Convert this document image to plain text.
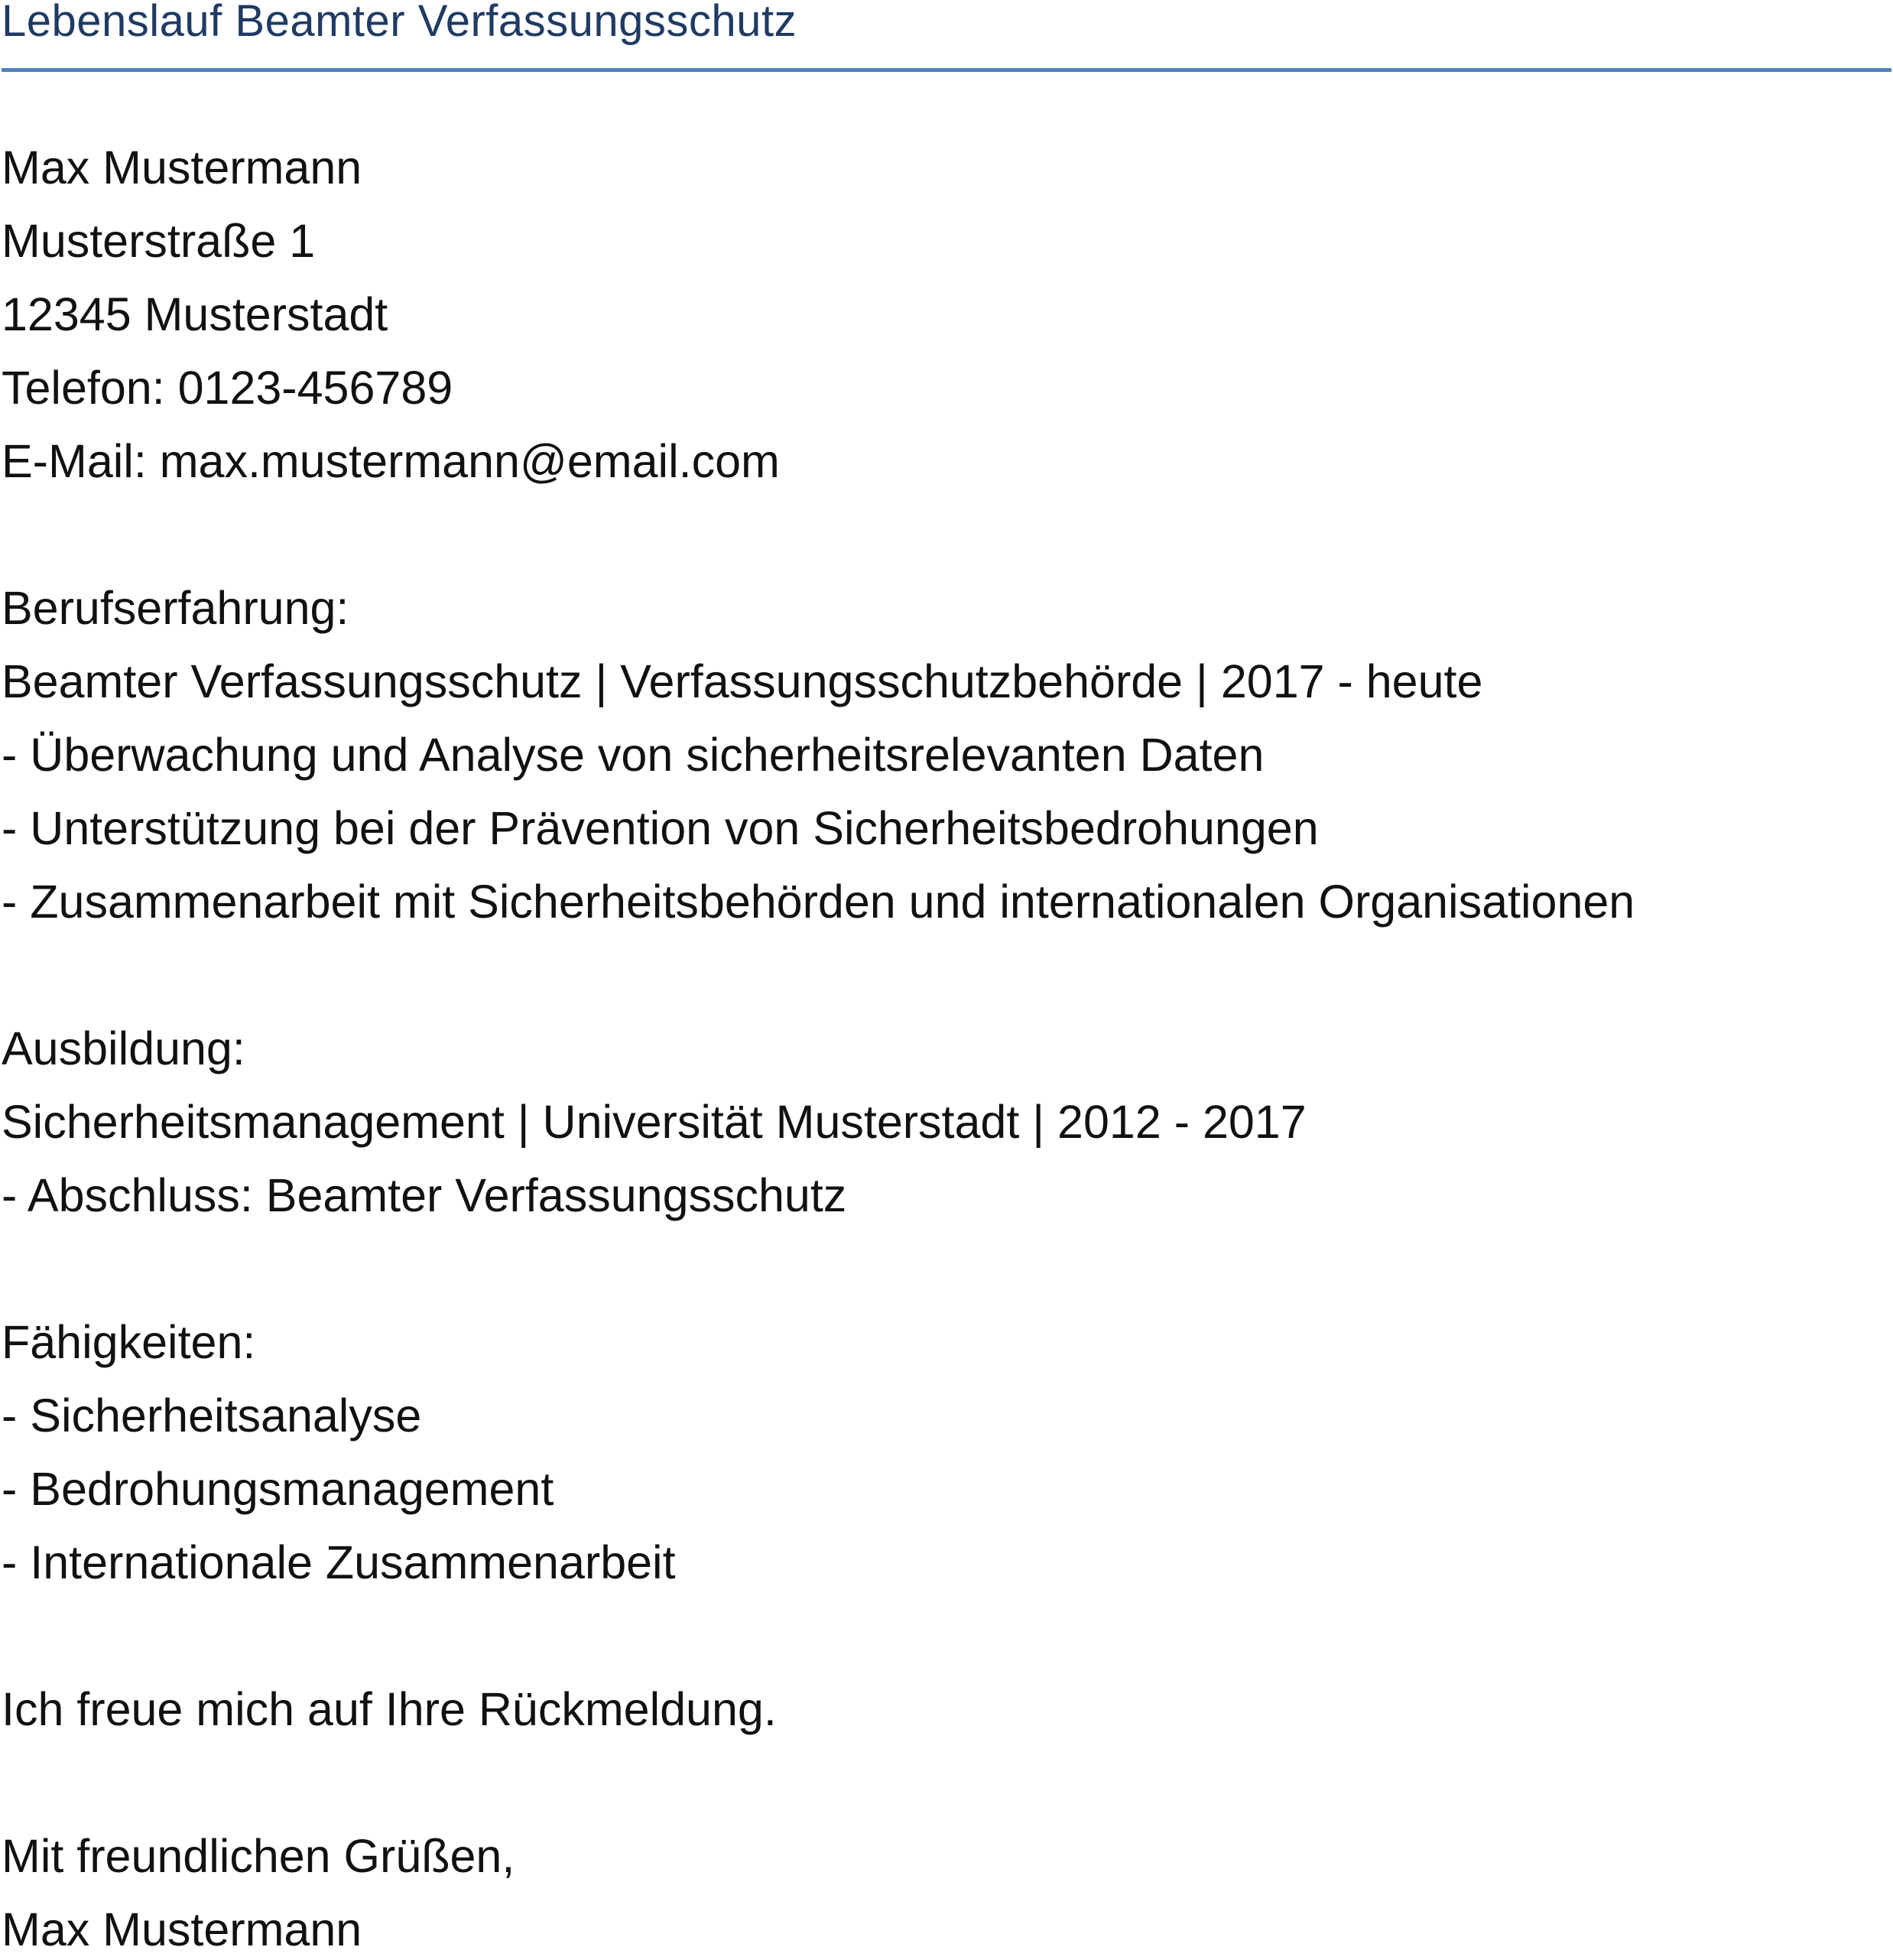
Lebenslauf Beamter Verfassungsschutz
Max Mustermann
Musterstraße 1
12345 Musterstadt
Telefon: 0123-456789
E-Mail: max.mustermann@email.com
Berufserfahrung:
Beamter Verfassungsschutz | Verfassungsschutzbehörde | 2017 - heute
- Überwachung und Analyse von sicherheitsrelevanten Daten
- Unterstützung bei der Prävention von Sicherheitsbedrohungen
- Zusammenarbeit mit Sicherheitsbehörden und internationalen Organisationen
Ausbildung:
Sicherheitsmanagement | Universität Musterstadt | 2012 - 2017
- Abschluss: Beamter Verfassungsschutz
Fähigkeiten:
- Sicherheitsanalyse
- Bedrohungsmanagement
- Internationale Zusammenarbeit
Ich freue mich auf Ihre Rückmeldung.
Mit freundlichen Grüßen,
Max Mustermann
